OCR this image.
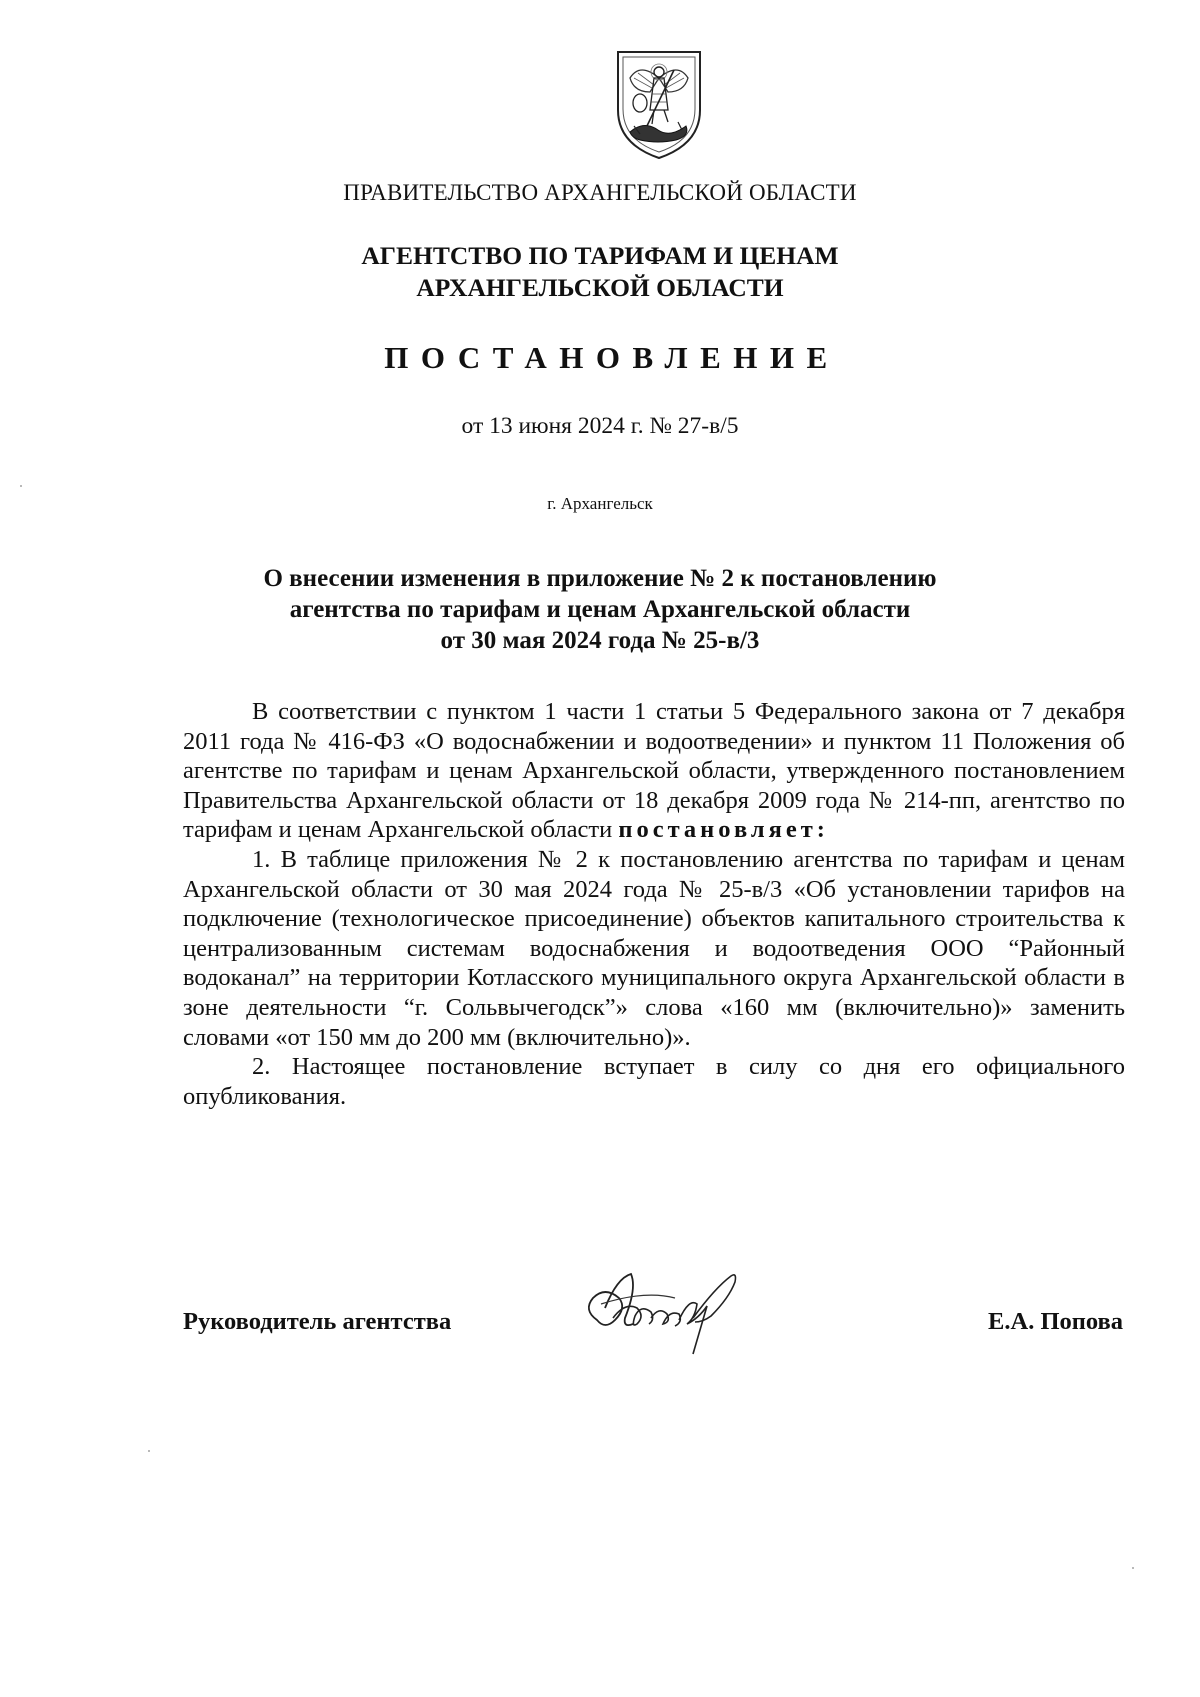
ПРАВИТЕЛЬСТВО АРХАНГЕЛЬСКОЙ ОБЛАСТИ
АГЕНТСТВО ПО ТАРИФАМ И ЦЕНАМ
АРХАНГЕЛЬСКОЙ ОБЛАСТИ
ПОСТАНОВЛЕНИЕ
от 13 июня 2024 г. № 27-в/5
г. Архангельск
О внесении изменения в приложение № 2 к постановлению
агентства по тарифам и ценам Архангельской области
от 30 мая 2024 года № 25-в/3

В соответствии с пунктом 1 части 1 статьи 5 Федерального закона от 7 декабря 2011 года № 416-ФЗ «О водоснабжении и водоотведении» и пунктом 11 Положения об агентстве по тарифам и ценам Архангельской области, утвержденного постановлением Правительства Архангельской области от 18 декабря 2009 года № 214-пп, агентство по тарифам и ценам Архангельской области постановляет:

1. В таблице приложения № 2 к постановлению агентства по тарифам и ценам Архангельской области от 30 мая 2024 года № 25-в/3 «Об установлении тарифов на подключение (технологическое присоединение) объектов капитального строительства к централизованным системам водоснабжения и водоотведения ООО “Районный водоканал” на территории Котласского муниципального округа Архангельской области в зоне деятельности “г. Сольвычегодск”» слова «160 мм (включительно)» заменить словами «от 150 мм до 200 мм (включительно)».

2. Настоящее постановление вступает в силу со дня его официального опубликования.

Руководитель агентства	Е.А. Попова
